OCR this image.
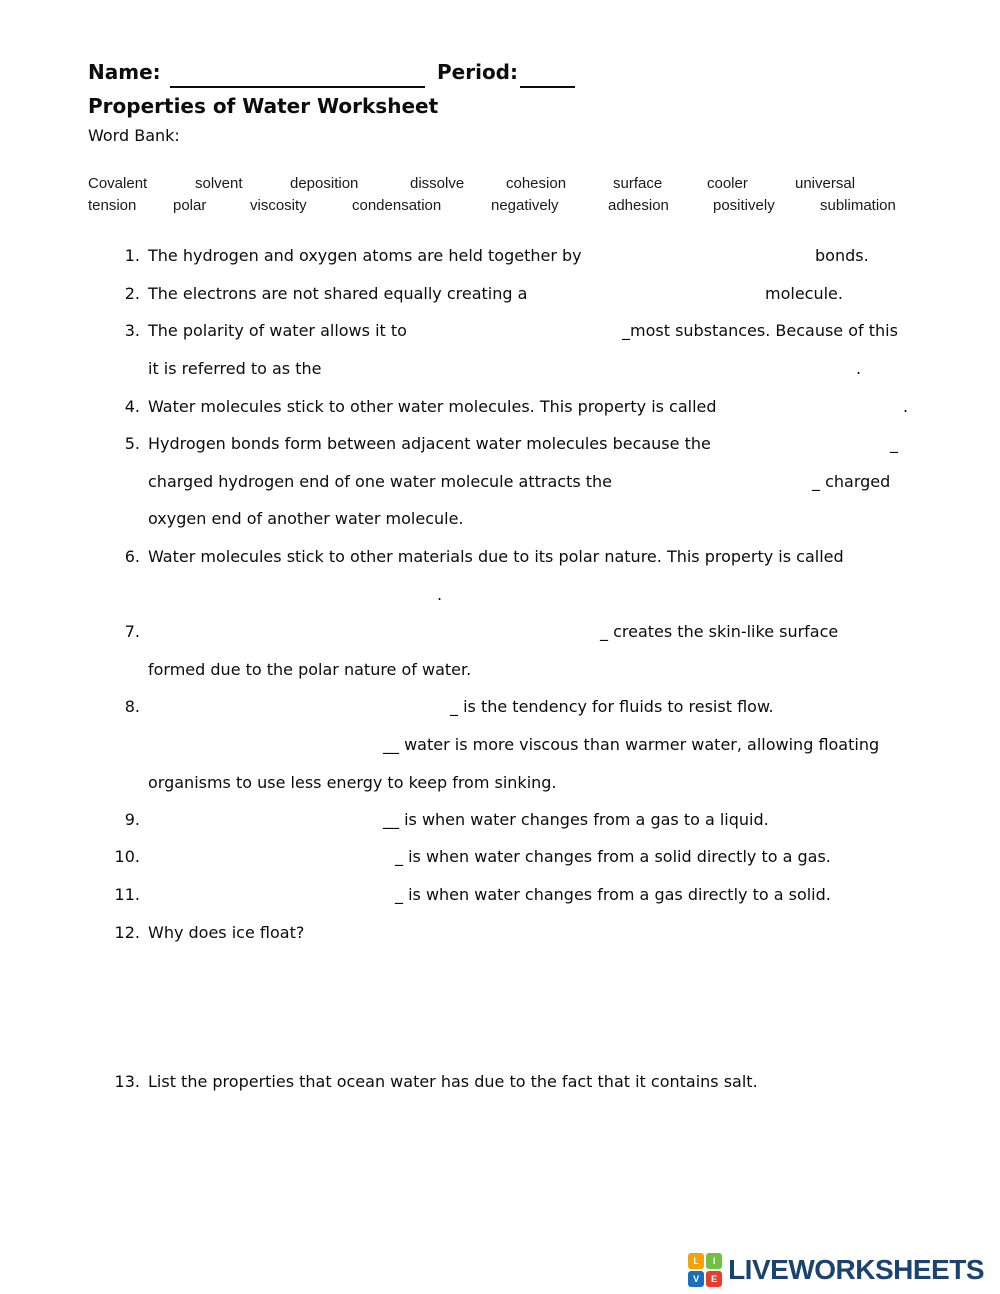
Name:	Period:
Properties of Water Worksheet
Word Bank:
Covalent	solvent	deposition	dissolve	cohesion	surface	cooler	universal
tension polar	viscosity	condensation	negatively	adhesion	positively	sublimation
1. The hydrogen and oxygen atoms are held together by	bonds.
2. The electrons are not shared equally creating a	molecule.
3. The polarity of water allows it to	_most substances. Because of this
it is referred to as the	.
4. Water molecules stick to other water molecules. This property is called	.
5. Hydrogen bonds form between adjacent water molecules because the	_
charged hydrogen end of one water molecule attracts the	_ charged
oxygen end of another water molecule.
6. Water molecules stick to other materials due to its polar nature. This property is called
.
7.	_ creates the skin-like surface
formed due to the polar nature of water.
8.	_ is the tendency for fluids to resist flow.
__ water is more viscous than warmer water, allowing floating
organisms to use less energy to keep from sinking.
9.	__ is when water changes from a gas to a liquid.
10.	_ is when water changes from a solid directly to a gas.
11.	_ is when water changes from a gas directly to a solid.
12. Why does ice float?
13. List the properties that ocean water has due to the fact that it contains salt.
L	I
V	E LIVEWORKSHEETS
